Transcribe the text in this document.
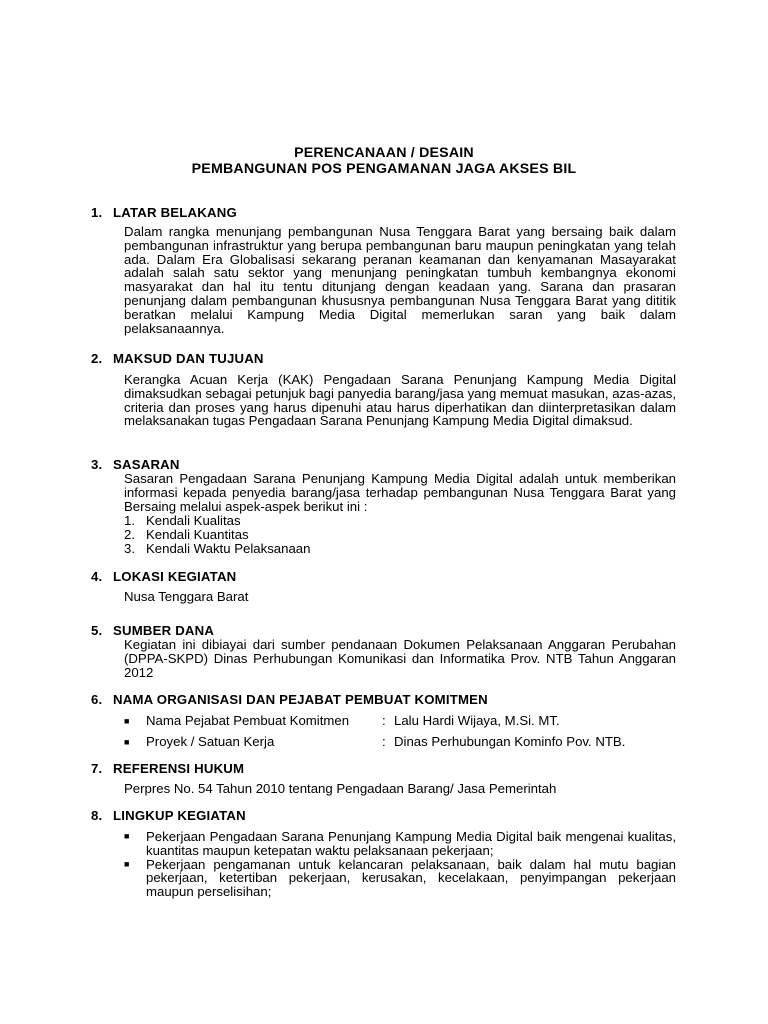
PERENCANAAN / DESAIN
PEMBANGUNAN POS PENGAMANAN JAGA AKSES BIL
1. LATAR BELAKANG

Dalam rangka menunjang pembangunan Nusa Tenggara Barat yang bersaing baik dalam pembangunan infrastruktur yang berupa pembangunan baru maupun peningkatan yang telah ada. Dalam Era Globalisasi sekarang peranan keamanan dan kenyamanan Masayarakat adalah salah satu sektor yang menunjang peningkatan tumbuh kembangnya ekonomi masyarakat dan hal itu tentu ditunjang dengan keadaan yang. Sarana dan prasaran penunjang dalam pembangunan khususnya pembangunan Nusa Tenggara Barat yang dititik beratkan melalui Kampung Media Digital memerlukan saran yang baik dalam pelaksanaannya.

2. MAKSUD DAN TUJUAN

Kerangka Acuan Kerja (KAK) Pengadaan Sarana Penunjang Kampung Media Digital dimaksudkan sebagai petunjuk bagi panyedia barang/jasa yang memuat masukan, azas-azas, criteria dan proses yang harus dipenuhi atau harus diperhatikan dan diinterpretasikan dalam melaksanakan tugas Pengadaan Sarana Penunjang Kampung Media Digital dimaksud.

3. SASARAN

Sasaran Pengadaan Sarana Penunjang Kampung Media Digital adalah untuk memberikan informasi kepada penyedia barang/jasa terhadap pembangunan Nusa Tenggara Barat yang Bersaing melalui aspek-aspek berikut ini :

1. Kendali Kualitas
2. Kendali Kuantitas
3. Kendali Waktu Pelaksanaan
4. LOKASI KEGIATAN
Nusa Tenggara Barat
5. SUMBER DANA

Kegiatan ini dibiayai dari sumber pendanaan Dokumen Pelaksanaan Anggaran Perubahan (DPPA-SKPD) Dinas Perhubungan Komunikasi dan Informatika Prov. NTB Tahun Anggaran 2012

6. NAMA ORGANISASI DAN PEJABAT PEMBUAT KOMITMEN
■ Nama Pejabat Pembuat Komitmen : Lalu Hardi Wijaya, M.Si. MT.
■ Proyek / Satuan Kerja	: Dinas Perhubungan Kominfo Pov. NTB.
7. REFERENSI HUKUM
Perpres No. 54 Tahun 2010 tentang Pengadaan Barang/ Jasa Pemerintah
8. LINGKUP KEGIATAN
■ Pekerjaan Pengadaan Sarana Penunjang Kampung Media Digital baik mengenai kualitas, kuantitas maupun ketepatan waktu pelaksanaan pekerjaan;
■ Pekerjaan pengamanan untuk kelancaran pelaksanaan, baik dalam hal mutu bagian pekerjaan, ketertiban pekerjaan, kerusakan, kecelakaan, penyimpangan pekerjaan maupun perselisihan;
